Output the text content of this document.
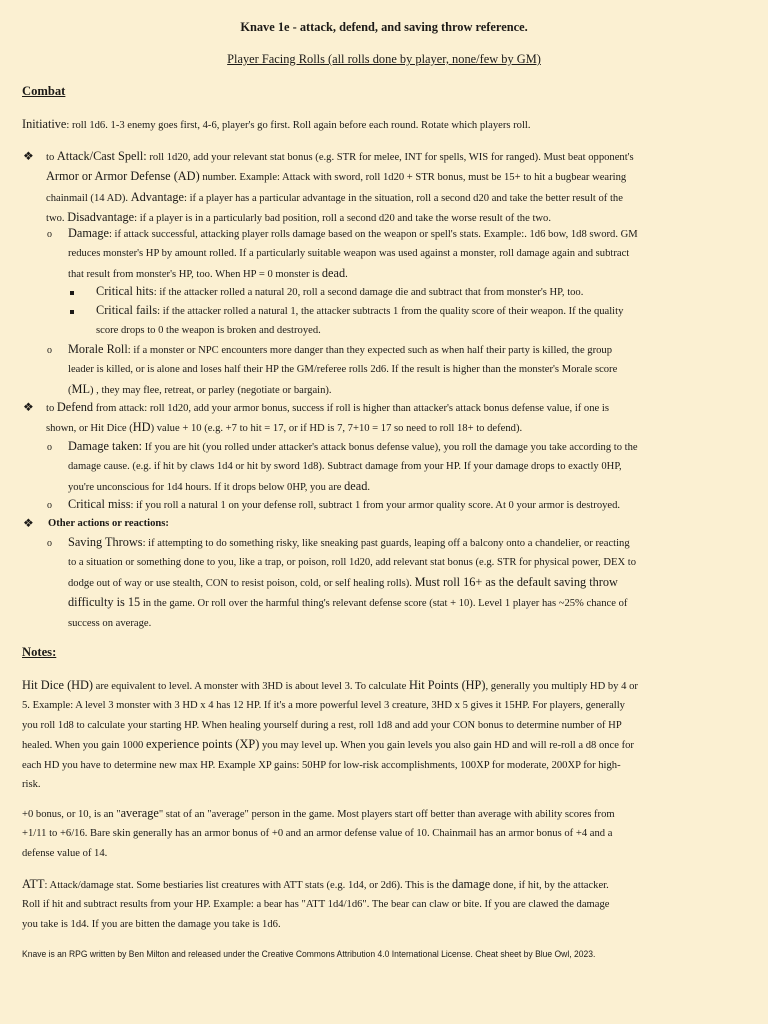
Knave 1e - attack, defend, and saving throw reference.
Player Facing Rolls (all rolls done by player, none/few by GM)
Combat
Initiative: roll 1d6. 1-3 enemy goes first, 4-6, player's go first. Roll again before each round. Rotate which players roll.
❖ to Attack/Cast Spell: roll 1d20, add your relevant stat bonus (e.g. STR for melee, INT for spells, WIS for ranged). Must beat opponent's

Armor or Armor Defense (AD) number. Example: Attack with sword, roll 1d20 + STR bonus, must be 15+ to hit a bugbear wearing

chainmail (14 AD). Advantage: if a player has a particular advantage in the situation, roll a second d20 and take the better result of the

two. Disadvantage: if a player is in a particularly bad position, roll a second d20 and take the worse result of the two.

o Damage: if attack successful, attacking player rolls damage based on the weapon or spell's stats. Example:. 1d6 bow, 1d8 sword. GM

reduces monster's HP by amount rolled. If a particularly suitable weapon was used against a monster, roll damage again and subtract

that result from monster's HP, too. When HP = 0 monster is dead.

Critical hits: if the attacker rolled a natural 20, roll a second damage die and subtract that from monster's HP, too.

Critical fails: if the attacker rolled a natural 1, the attacker subtracts 1 from the quality score of their weapon. If the quality

score drops to 0 the weapon is broken and destroyed.

o Morale Roll: if a monster or NPC encounters more danger than they expected such as when half their party is killed, the group

leader is killed, or is alone and loses half their HP the GM/referee rolls 2d6. If the result is higher than the monster's Morale score

(ML) , they may flee, retreat, or parley (negotiate or bargain).

❖ to Defend from attack: roll 1d20, add your armor bonus, success if roll is higher than attacker's attack bonus defense value, if one is

shown, or Hit Dice (HD) value + 10 (e.g. +7 to hit = 17, or if HD is 7, 7+10 = 17 so need to roll 18+ to defend).

o Damage taken: If you are hit (you rolled under attacker's attack bonus defense value), you roll the damage you take according to the

damage cause. (e.g. if hit by claws 1d4 or hit by sword 1d8). Subtract damage from your HP. If your damage drops to exactly 0HP,

you're unconscious for 1d4 hours. If it drops below 0HP, you are dead.

o Critical miss: if you roll a natural 1 on your defense roll, subtract 1 from your armor quality score. At 0 your armor is destroyed.
❖ Other actions or reactions:
o Saving Throws: if attempting to do something risky, like sneaking past guards, leaping off a balcony onto a chandelier, or reacting

to a situation or something done to you, like a trap, or poison, roll 1d20, add relevant stat bonus (e.g. STR for physical power, DEX to

dodge out of way or use stealth, CON to resist poison, cold, or self healing rolls). Must roll 16+ as the default saving throw

difficulty is 15 in the game. Or roll over the harmful thing's relevant defense score (stat + 10). Level 1 player has ~25% chance of

success on average.

Notes:

Hit Dice (HD) are equivalent to level. A monster with 3HD is about level 3. To calculate Hit Points (HP), generally you multiply HD by 4 or

5. Example: A level 3 monster with 3 HD x 4 has 12 HP. If it's a more powerful level 3 creature, 3HD x 5 gives it 15HP. For players, generally

you roll 1d8 to calculate your starting HP. When healing yourself during a rest, roll 1d8 and add your CON bonus to determine number of HP

healed. When you gain 1000 experience points (XP) you may level up. When you gain levels you also gain HD and will re-roll a d8 once for

each HD you have to determine new max HP. Example XP gains: 50HP for low-risk accomplishments, 100XP for moderate, 200XP for high-

risk.

+0 bonus, or 10, is an "average" stat of an "average" person in the game. Most players start off better than average with ability scores from

+1/11 to +6/16. Bare skin generally has an armor bonus of +0 and an armor defense value of 10. Chainmail has an armor bonus of +4 and a

defense value of 14.

ATT: Attack/damage stat. Some bestiaries list creatures with ATT stats (e.g. 1d4, or 2d6). This is the damage done, if hit, by the attacker.

Roll if hit and subtract results from your HP. Example: a bear has "ATT 1d4/1d6". The bear can claw or bite. If you are clawed the damage

you take is 1d4. If you are bitten the damage you take is 1d6.

Knave is an RPG written by Ben Milton and released under the Creative Commons Attribution 4.0 International License. Cheat sheet by Blue Owl, 2023.
